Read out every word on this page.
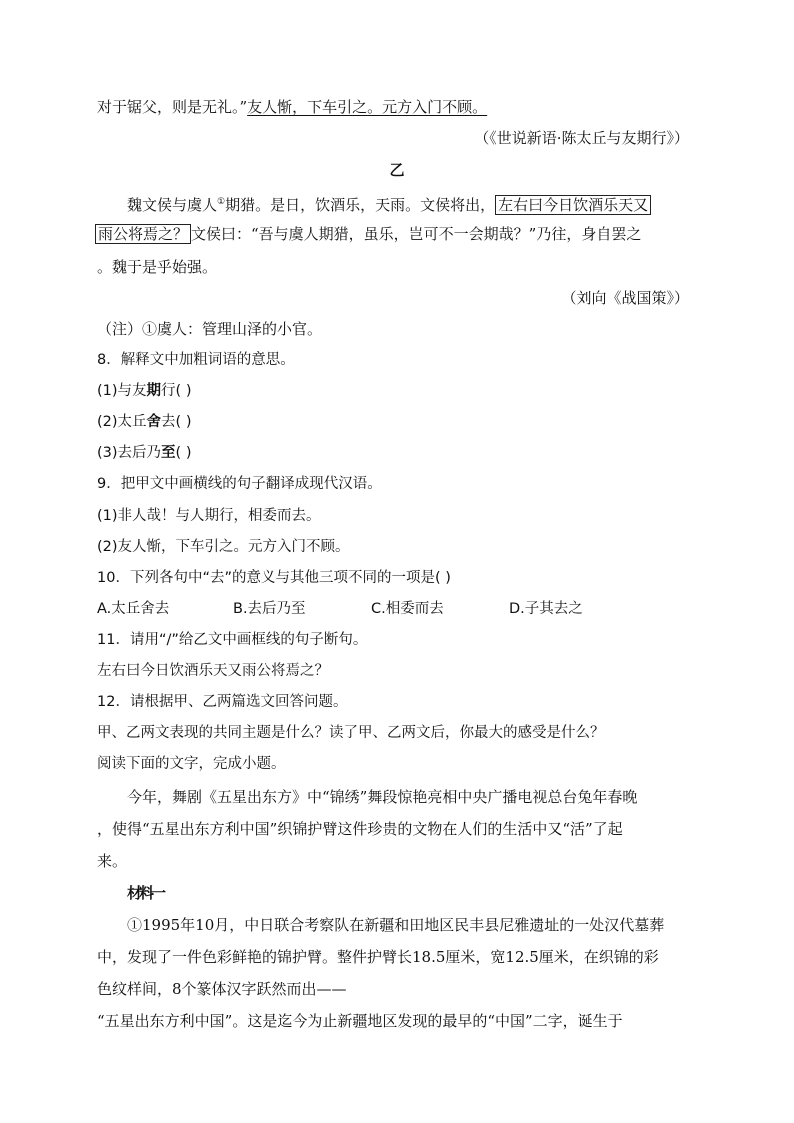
对于锯父，则是无礼。”友人惭，下车引之。元方入门不顾。
（《世说新语·陈太丘与友期行》）
乙
魏文侯与虞人①期猎。是日，饮酒乐，天雨。文侯将出， 左右曰今日饮酒乐天又
雨公将焉之？ 文侯曰：“吾与虞人期猎，虽乐，岂可不一会期哉？”乃往，身自罢之
。魏于是乎始强。
（刘向《战国策》）
（注）①虞人：管理山泽的小官。
8．解释文中加粗词语的意思。
(1)与友期行( )
(2)太丘舍去( )
(3)去后乃至( )
9．把甲文中画横线的句子翻译成现代汉语。
(1)非人哉！与人期行，相委而去。
(2)友人惭，下车引之。元方入门不顾。
10．下列各句中“去”的意义与其他三项不同的一项是( )
A.太丘舍去	B.去后乃至	C.相委而去	D.子其去之
11．请用“/”给乙文中画框线的句子断句。
左右曰今日饮酒乐天又雨公将焉之？
12．请根据甲、乙两篇选文回答问题。
甲、乙两文表现的共同主题是什么？读了甲、乙两文后，你最大的感受是什么？
阅读下面的文字，完成小题。
今年，舞剧《五星出东方》中“锦绣”舞段惊艳亮相中央广播电视总台兔年春晚
，使得“五星出东方利中国”织锦护臂这件珍贵的文物在人们的生活中又“活”了起
来。
材料一
①1995年10月，中日联合考察队在新疆和田地区民丰县尼雅遗址的一处汉代墓葬
中，发现了一件色彩鲜艳的锦护臂。整件护臂长18.5厘米，宽12.5厘米，在织锦的彩
色纹样间，8个篆体汉字跃然而出——
“五星出东方利中国”。这是迄今为止新疆地区发现的最早的“中国”二字，诞生于
